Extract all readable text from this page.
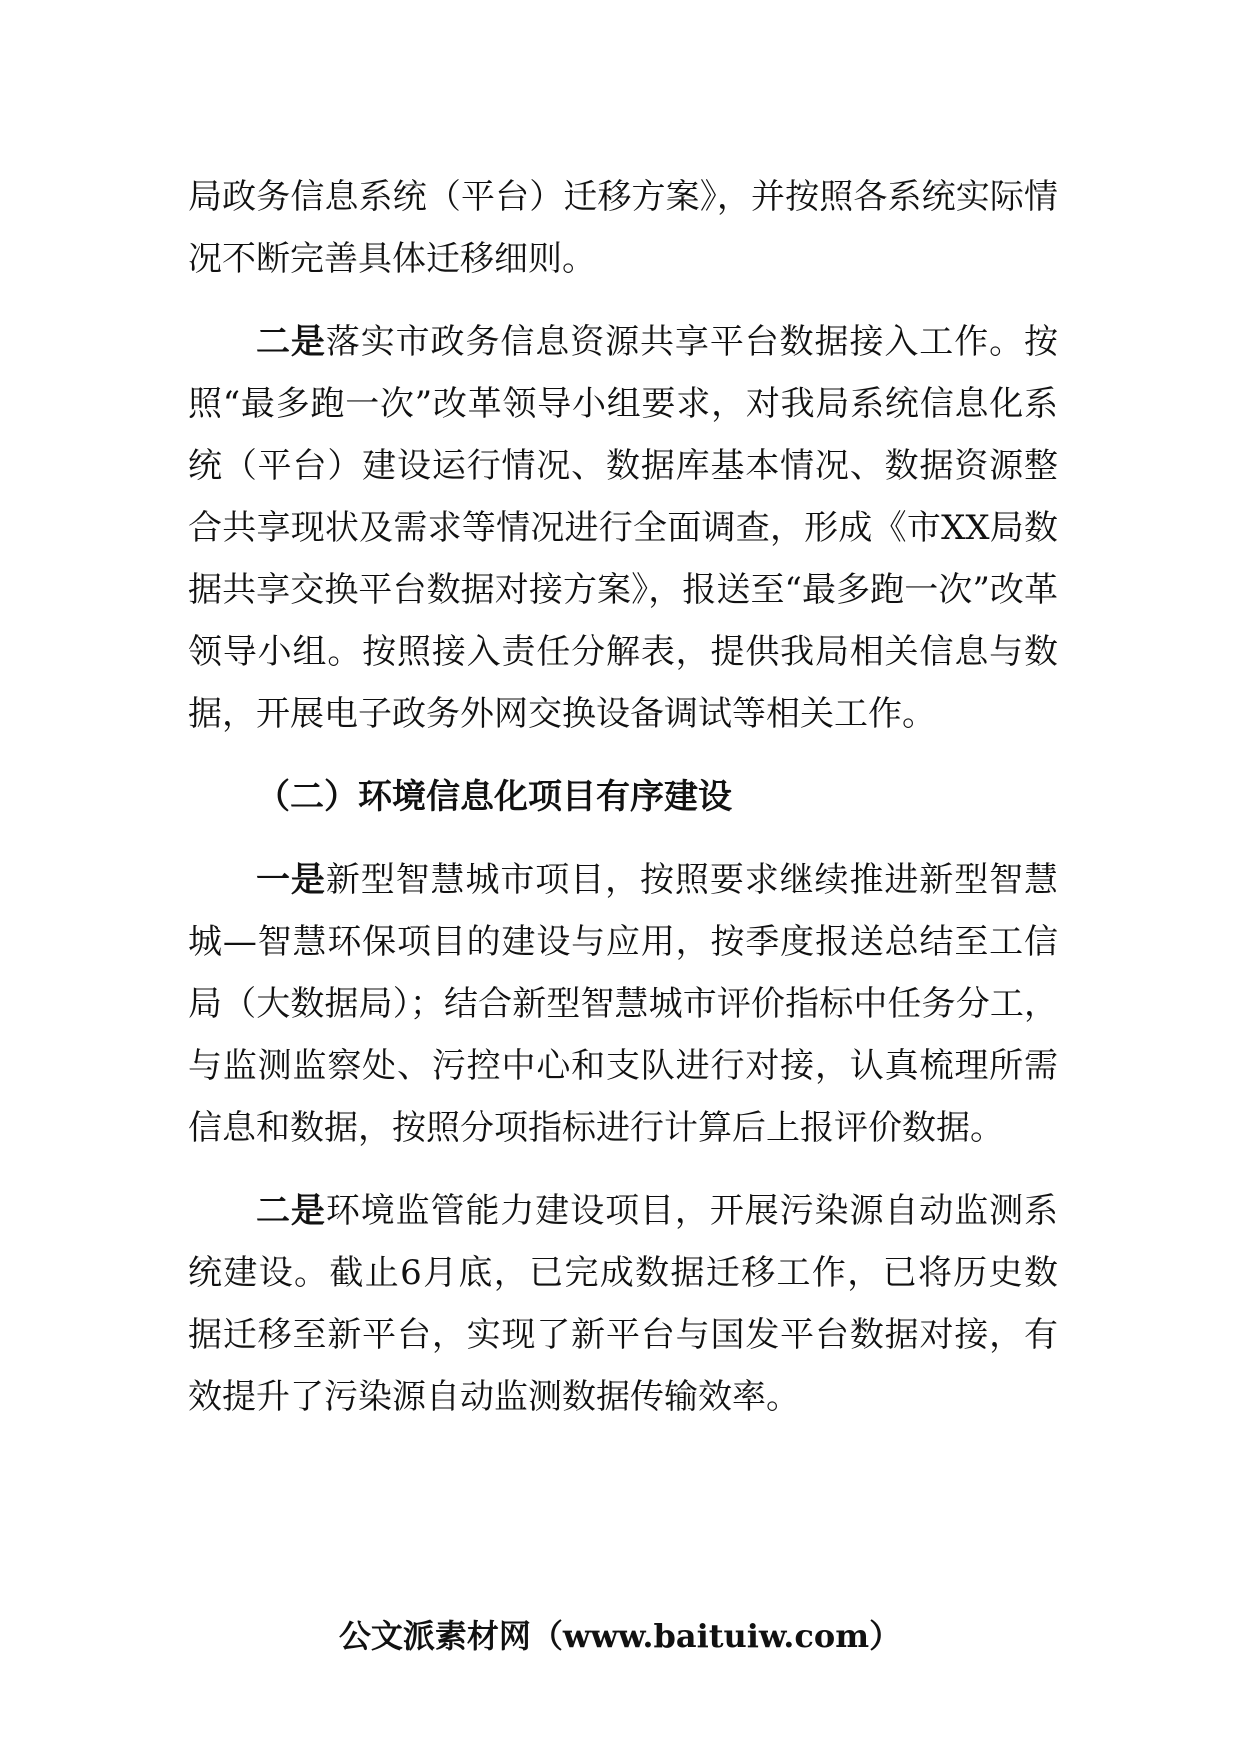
局政务信息系统（平台）迁移方案》，并按照各系统实际情况不断完善具体迁移细则。

二是落实市政务信息资源共享平台数据接入工作。按照“最多跑一次”改革领导小组要求，对我局系统信息化系统（平台）建设运行情况、数据库基本情况、数据资源整合共享现状及需求等情况进行全面调查，形成《市XX局数据共享交换平台数据对接方案》，报送至“最多跑一次”改革领导小组。按照接入责任分解表，提供我局相关信息与数据，开展电子政务外网交换设备调试等相关工作。

（二）环境信息化项目有序建设

一是新型智慧城市项目，按照要求继续推进新型智慧城—智慧环保项目的建设与应用，按季度报送总结至工信局（大数据局）；结合新型智慧城市评价指标中任务分工，与监测监察处、污控中心和支队进行对接，认真梳理所需信息和数据，按照分项指标进行计算后上报评价数据。

二是环境监管能力建设项目，开展污染源自动监测系统建设。截止6月底，已完成数据迁移工作，已将历史数据迁移至新平台，实现了新平台与国发平台数据对接，有效提升了污染源自动监测数据传输效率。

公文派素材网（www.baituiw.com）
